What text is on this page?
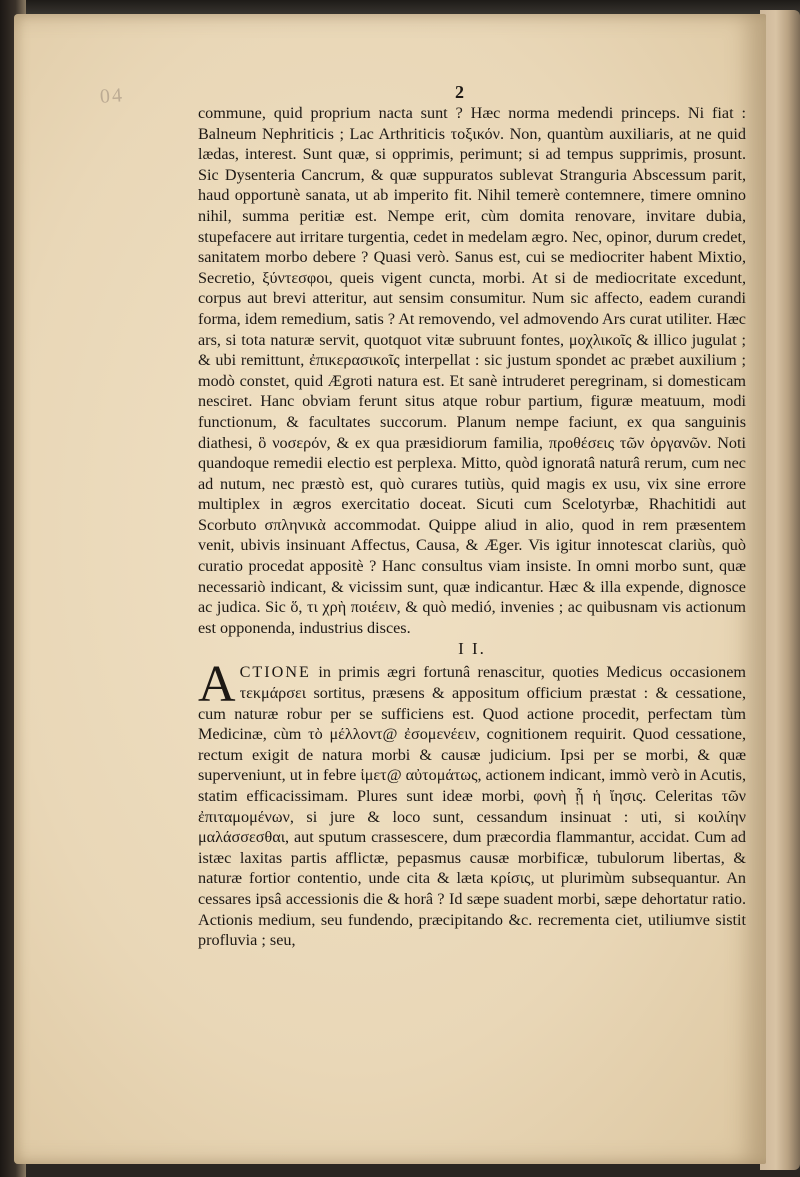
04	2

commune, quid proprium nacta sunt ? Hæc norma medendi princeps. Ni fiat : Balneum Nephriticis ; Lac Arthriticis τοξικόν. Non, quantùm auxiliaris, at ne quid lædas, interest. Sunt quæ, si opprimis, perimunt; si ad tempus supprimis, prosunt. Sic Dysenteria Cancrum, & quæ suppuratos sublevat Stranguria Abscessum parit, haud opportunè sanata, ut ab imperito fit. Nihil temerè contemnere, timere omnino nihil, summa peritiæ est. Nempe erit, cùm domita renovare, invitare dubia, stupefacere aut irritare turgentia, cedet in medelam ægro. Nec, opinor, durum credet, sanitatem morbo debere ? Quasi verò. Sanus est, cui se mediocriter habent Mixtio, Secretio, ξύντεσφοι, queis vigent cuncta, morbi. At si de mediocritate excedunt, corpus aut brevi atteritur, aut sensim consumitur. Num sic affecto, eadem curandi forma, idem remedium, satis ? At removendo, vel admovendo Ars curat utiliter. Hæc ars, si tota naturæ servit, quotquot vitæ subruunt fontes, μοχλικοῖς & illico jugulat ; & ubi remittunt, ἐπικερασικοῖς interpellat : sic justum spondet ac præbet auxilium ; modò constet, quid Ægroti natura est. Et sanè intruderet peregrinam, si domesticam nesciret. Hanc obviam ferunt situs atque robur partium, figuræ meatuum, modi functionum, & facultates succorum. Planum nempe faciunt, ex qua sanguinis diathesi, ὃ νοσερόν, & ex qua præsidiorum familia, προθέσεις τῶν ὀργανῶν. Noti quandoque remedii electio est perplexa. Mitto, quòd ignoratâ naturâ rerum, cum nec ad nutum, nec præstò est, quò curares tutiùs, quid magis ex usu, vix sine errore multiplex in ægros exercitatio doceat. Sicuti cum Scelotyrbæ, Rhachitidi aut Scorbuto σπληνικὰ accommodat. Quippe aliud in alio, quod in rem præsentem venit, ubivis insinuant Affectus, Causa, & Æger. Vis igitur innotescat clariùs, quò curatio procedat appositè ? Hanc consultus viam insiste. In omni morbo sunt, quæ necessariò indicant, & vicissim sunt, quæ indicantur. Hæc & illa expende, dignosce ac judica. Sic ὅ, τι χρὴ ποιέειν, & quò medió, invenies ; ac quibusnam vis actionum est opponenda, industrius disces.

I I.
A CTIONE in primis ægri fortunâ renascitur, quoties Medicus occasionem τεκμάρσει sortitus, præsens & appositum officium præstat : & cessatione, cum naturæ robur per se sufficiens est. Quod actione procedit, perfectam tùm Medicinæ, cùm τὸ μέλλοντ@ ἐσομενέειν, cognitionem requirit. Quod cessatione, rectum exigit de natura morbi & causæ judicium. Ipsi per se morbi, & quæ superveniunt, ut in febre ἱμετ@ αὐτομάτως, actionem indicant, immò verò in Acutis, statim efficacissimam. Plures sunt ideæ morbi, φονὴ ᾗ ἡ ἴησις. Celeritas τῶν ἐπιταμομένων, si jure & loco sunt, cessandum insinuat : uti, si κοιλίην μαλάσσεσθαι, aut sputum crassescere, dum præcordia flammantur, accidat. Cum ad istæc laxitas partis afflictæ, pepasmus causæ morbificæ, tubulorum libertas, & naturæ fortior contentio, unde cita & læta κρίσις, ut plurimùm subsequantur. An cessares ipsâ accessionis die & horâ ? Id sæpe suadent morbi, sæpe dehortatur ratio. Actionis medium, seu fundendo, præcipitando &c. recrementa ciet, utiliumve sistit profluvia ; seu,
